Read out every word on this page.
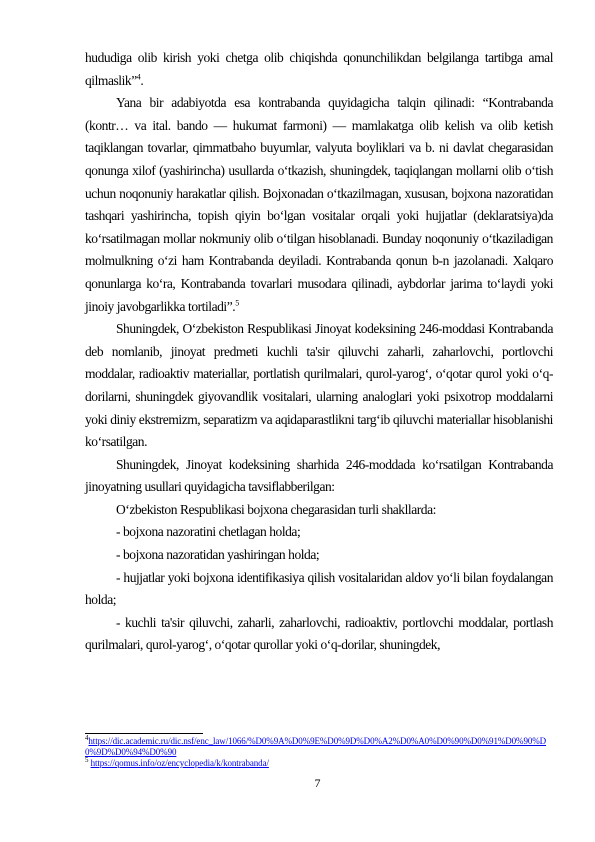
hududiga olib kirish yoki chetga olib chiqishda qonunchilikdan belgilanga tartibga amal qilmaslik”$^4$.

Yana bir adabiyotda esa kontrabanda quyidagicha talqin qilinadi: “Kontrabanda (kontr… va ital. bando — hukumat farmoni) — mamlakatga olib kelish va olib ketish taqiklangan tovarlar, qimmatbaho buyumlar, valyuta boyliklari va b. ni davlat chegarasidan qonunga xilof (yashirincha) usullarda oʻtkazish, shuningdek, taqiqlangan mollarni olib oʻtish uchun noqonuniy harakatlar qilish. Bojxonadan oʻtkazilmagan, xususan, bojxona nazoratidan tashqari yashirincha, topish qiyin boʻlgan vositalar orqali yoki hujjatlar (deklaratsiya)da koʻrsatilmagan mollar nokmuniy olib oʻtilgan hisoblanadi. Bunday noqonuniy oʻtkaziladigan molmulkning oʻzi ham Kontrabanda deyiladi. Kontrabanda qonun b-n jazolanadi. Xalqaro qonunlarga koʻra, Kontrabanda tovarlari musodara qilinadi, aybdorlar jarima toʻlaydi yoki jinoiy javobgarlikka tortiladi”.$^5$

Shuningdek, O‘zbekiston Respublikasi Jinoyat kodeksining 246-moddasi Kontrabanda deb nomlanib, jinoyat predmeti kuchli ta'sir qiluvchi zaharli, zaharlovchi, portlovchi moddalar, radioaktiv materiallar, portlatish qurilmalari, qurol-yarog‘, o‘qotar qurol yoki o‘q-dorilarni, shuningdek giyovandlik vositalari, ularning analoglari yoki psixotrop moddalarni yoki diniy ekstremizm, separatizm va aqidaparastlikni targ‘ib qiluvchi materiallar hisoblanishi ko‘rsatilgan.

Shuningdek, Jinoyat kodeksining sharhida 246-moddada ko‘rsatilgan Kontrabanda jinoyatning usullari quyidagicha tavsiflabberilgan:

O‘zbekiston Respublikasi bojxona chegarasidan turli shakllarda:

- bojxona nazoratini chetlagan holda;

- bojxona nazoratidan yashiringan holda;

- hujjatlar yoki bojxona identifikasiya qilish vositalaridan aldov yo‘li bilan foydalangan holda;

- kuchli ta'sir qiluvchi, zaharli, zaharlovchi, radioaktiv, portlovchi moddalar, portlash qurilmalari, qurol-yarog‘, o‘qotar qurollar yoki o‘q-dorilar, shuningdek,

$^4$https://dic.academic.ru/dic.nsf/enc_law/1066/%D0%9A%D0%9E%D0%9D%D0%A2%D0%A0%D0%90%D0%91%D0%90%D0%9D%D0%94%D0%90
$^5$ https://qomus.info/oz/encyclopedia/k/kontrabanda/
7
